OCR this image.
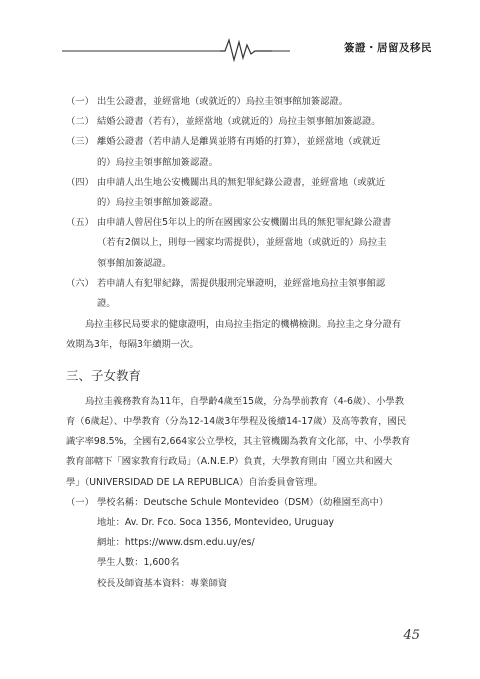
簽證・居留及移民
（一） 出生公證書，並經當地（或就近的）烏拉圭領事館加簽認證。
（二） 結婚公證書（若有），並經當地（或就近的）烏拉圭領事館加簽認證。
（三） 離婚公證書（若申請人是離異並將有再婚的打算），並經當地（或就近
的）烏拉圭領事館加簽認證。
（四） 由申請人出生地公安機關出具的無犯罪紀錄公證書，並經當地（或就近
的）烏拉圭領事館加簽認證。
（五） 由申請人曾居住5年以上的所在國國家公安機關出具的無犯罪紀錄公證書
（若有2個以上，則每一國家均需提供），並經當地（或就近的）烏拉圭
領事館加簽認證。
（六） 若申請人有犯罪紀錄，需提供服刑完畢證明，並經當地烏拉圭領事館認
證。
烏拉圭移民局要求的健康證明，由烏拉圭指定的機構檢測。烏拉圭之身分證有
效期為3年，每隔3年續期一次。
三、子女教育
烏拉圭義務教育為11年，自學齡4歲至15歲，分為學前教育（4-6歲）、小學教
育（6歲起）、中學教育（分為12-14歲3年學程及後續14-17歲）及高等教育，國民
識字率98.5%，全國有2,664家公立學校，其主管機關為教育文化部，中、小學教育
教育部轄下「國家教育行政局」（A.N.E.P）負責，大學教育則由「國立共和國大
學」（UNIVERSIDAD DE LA REPUBLICA）自治委員會管理。
（一） 學校名稱：Deutsche Schule Montevideo（DSM）（幼稚園至高中）
地址：Av. Dr. Fco. Soca 1356, Montevideo, Uruguay
網址：https://www.dsm.edu.uy/es/
學生人數：1,600名
校長及師資基本資料：專業師資
45
